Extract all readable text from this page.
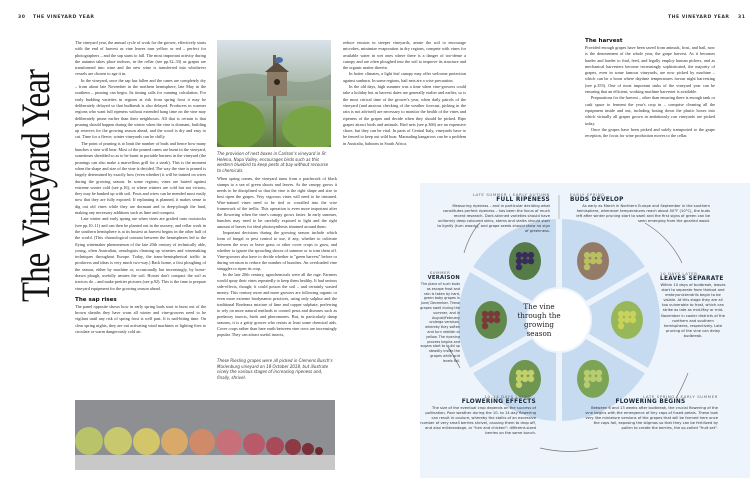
30 THE VINEYARD YEAR
The Vineyard Year

The vineyard year, the annual cycle of work for the grower, effectively starts with the end of harvest as vine leaves turn yellow or red – perfect for photographers – and the sap starts to fall. The most important activity during the autumn takes place indoors, in the cellar (see pp.32–33) as grapes are transformed into wine and the new wine is transferred into whichever vessels are chosen to age it in.

In the vineyard, once the sap has fallen and the canes are completely dry – from about late November in the northern hemisphere, late May in the southern – pruning can begin. Its timing calls for cunning calculation. For early budding varieties in regions at risk from spring frost it may be deliberately delayed so that budbreak is also delayed. Producers in warmer regions who want full ripeness without extended hang time on the vine may deliberately prune earlier than their neighbours. All that is certain is that pruning should happen during the winter when the vine is dormant, building up reserves for the growing season ahead, and the wood is dry and easy to cut. Time for a fleece; winter vineyards can be chilly.

The point of pruning is to limit the number of buds and hence how many bunches a vine will bear. Most of the pruned canes are burnt in the vineyard, sometimes shredded so as to be burnt in portable burners in the vineyard (the prunings can also make a marvellous grill for a steak). This is the moment when the shape and size of the vine is decided. The way the vine is pruned is largely determined by exactly how (even whether) it will be trained on wires during the growing season. In some regions, vines are buried against extreme winter cold (see p.16), or where winters are cold but not vicious, they may be banked up with soil. Posts and wires can be mended most easily now that they are fully exposed. If replanting is planned, it makes sense to dig out old vines while they are dormant and to deep-plough the land, making any necessary additions such as lime and compost.

Late winter and early spring are when vines are grafted onto rootstocks (see pp.10–11) and can then be planted out in the nursery, and cellar work in the southern hemisphere is at its busiest as harvest begins in the other half of the world. (This chronological contrast between the hemispheres led to the flying winemaker phenomenon of the late 20th century of technically able, young, often Australian, oenologists cleaning up wineries and winemaking techniques throughout Europe. Today, the trans-hemispherical traffic in producers and ideas is very much two-way.) Back home, a first ploughing of the season, either by machine or, occasionally but increasingly, by horse-drawn plough, usefully aerates the soil. Horses don't compact the soil as tractors do – and make prettier pictures (see p.92). This is the time to prepare vineyard equipment for the growing season ahead.

The sap rises

The panel opposite shows how in early spring buds start to burst out of the brown sheaths they have worn all winter and vine-growers need to be vigilant until any risk of spring frost is well past. It is nail-biting time. On clear spring nights, they are out activating wind machines or lighting fires to circulate or warm dangerously cold air.

The provision of nest boxes in Carlson's vineyard in St Helena, Napa Valley, encourages birds such as this western bluebird to keep pests at bay without recourse to chemicals.

When spring comes, the vineyard turns from a patchwork of black stumps to a sea of green shoots and leaves. As the canopy grows it needs to be disciplined so that the vine is the right shape and size to best ripen the grapes. Very vigorous vines will need to be trimmed. Wire-trained vines need to be tied or corralled into the wire framework of the trellis. This operation is even more important after the flowering when the vine's canopy grows faster. In early summer, bunches may need to be carefully exposed to light and the right amount of leaves for ideal photosynthesis trimmed around them.

Important decisions during the growing season include which form of fungal or pest control to use, if any, whether to cultivate between the rows or leave grass or other cover crops to grow, and whether to ignore the sprawling shoots of summer or to trim them off. Vine-growers also have to decide whether to "green harvest" before or during veraison to reduce the number of bunches. An overloaded vine struggles to ripen its crop.

In the late 20th century, agrochemicals were all the rage. Farmers would spray their vines repeatedly to keep them healthy. It had serious side-effects, though; it could poison the soil – and certainly wasted money. This century more and more growers are following organic or even more extreme biodynamic practices, using only sulphur and the traditional Bordeaux mixture of lime and copper sulphate, preferring to rely on more natural methods to control pests and diseases such as predatory insects, birds and pheromones. But, in particularly damp seasons, it is a gritty grower who resists at least some chemical aids. Cover crops rather than bare earth between vine rows are increasingly popular. They can attract useful insects,

These Riesling grapes were all picked in Clemens Busch's Marienburg vineyard on 18 October 2018, but illustrate nicely the various stages of increasing ripeness and, finally, shrivel.
THE VINEYARD YEAR 31

reduce erosion in steeper vineyards, aerate the soil to encourage microbes, minimize evaporation in dry regions, compete with vines for available water in wet ones where there is a danger of too-dense a canopy and are often ploughed into the soil to improve its structure and the organic matter therein.

In hotter climates, a light leaf canopy may offer welcome protection against sunburn. In some regions, hail nets are a wise precaution.

In the old days, high summer was a time when vine-growers could take a holiday but as harvest dates are generally earlier and earlier, so is the most critical time of the grower's year, when daily patrols of the vineyard (and anxious checking of the weather forecast, picking in the rain is not advised) are necessary to monitor the health of the vines and ripeness of the grapes and decide when they should be picked. Ripe grapes attract birds and animals. Bird nets (see p.366) are an expensive chore, but they can be vital. In parts of Central Italy, vineyards have to be fenced to keep out wild boar. Marauding kangaroos can be a problem in Australia, baboons in South Africa.

The harvest

Provided enough grapes have been saved from animals, frost, and hail, now is the denouement of the whole year, the grape harvest. As it becomes harder and harder to find, feed, and legally employ human pickers, and as mechanical harvesters become increasingly sophisticated, the majority of grapes, even in some famous vineyards, are now picked by machine – which can be a boon where daytime temperatures favour night harvesting (see p.353). One of most important tasks of the vineyard year can be ensuring that an efficient, working machine harvester is available.

Preparations for the harvest – other than ensuring there is enough tank or cask space to ferment the year's crop in – comprise cleaning all the equipment inside and out, including hosing down the plastic boxes into which virtually all grapes grown in ambitiously run vineyards are picked today.

Once the grapes have been picked and safely transported to the grape reception, the focus for wine production moves to the cellar.

The vine through the growing season
LATE SUMMER / EARLY AUTUMN
FULL RIPENESS
Measuring ripeness – and in particular deciding what constitutes perfect ripeness – has been the focus of much recent research. Dark-skinned varieties should have uniformly deep coloured skins, stems and stalks should start to lignify (turn woody), and grape seeds should show no sign of greenness.
EARLY SPRING
BUDS DEVELOP
As early as March in Northern Europe and September in the southern hemisphere, whenever temperatures reach about 50°F (10°C), the buds left after winter pruning start to swell and the first signs of green can be seen emerging from the gnarled wood.
10 DAYS LATER...
LEAVES SEPARATE
Within 10 days of budbreak, leaves start to separate from thebud and embryonictendrils begin to be visible. At this stage they are all too vulnerable to frost, which can strike as late as mid-May or mid-November in cooler districts of the northern and southern hemispheres, respectively. Late pruning of the vine can delay budbreak.
LATE SPRING / EARLY SUMMER
FLOWERING BEGINS
Between 6 and 13 weeks after budbreak, the crucial flowering of the vine begins with the emergence of tiny caps of fused petals. These look very like miniature versions of the grapes that will be formed here once the caps fall, exposing the stigmas so that they can be fertilized by pollen to create the berries, the so-called "fruit set".
10–14 DAYS LATER...
FLOWERING EFFECTS
The size of the eventual crop depends on the success of pollination. Poor weather during the 10- to 14-day flowering can result in coulure, whereby the stalks of an excessive number of very small berries shrivel, causing them to drop off, and also millerandage, or "hen and chicken": different-sized berries on the same bunch.
SUMMER
VERAISON
The place of such buds as escape frost and rain is taken by hard, green baby grapes in June/ December. These grapes swell during the summer, and in August/February undergo veraison, whereby they soften and turn reddish or yellow. The ripening process begins and sugars start to build up steadily inside the grapes while acid levels fall.
